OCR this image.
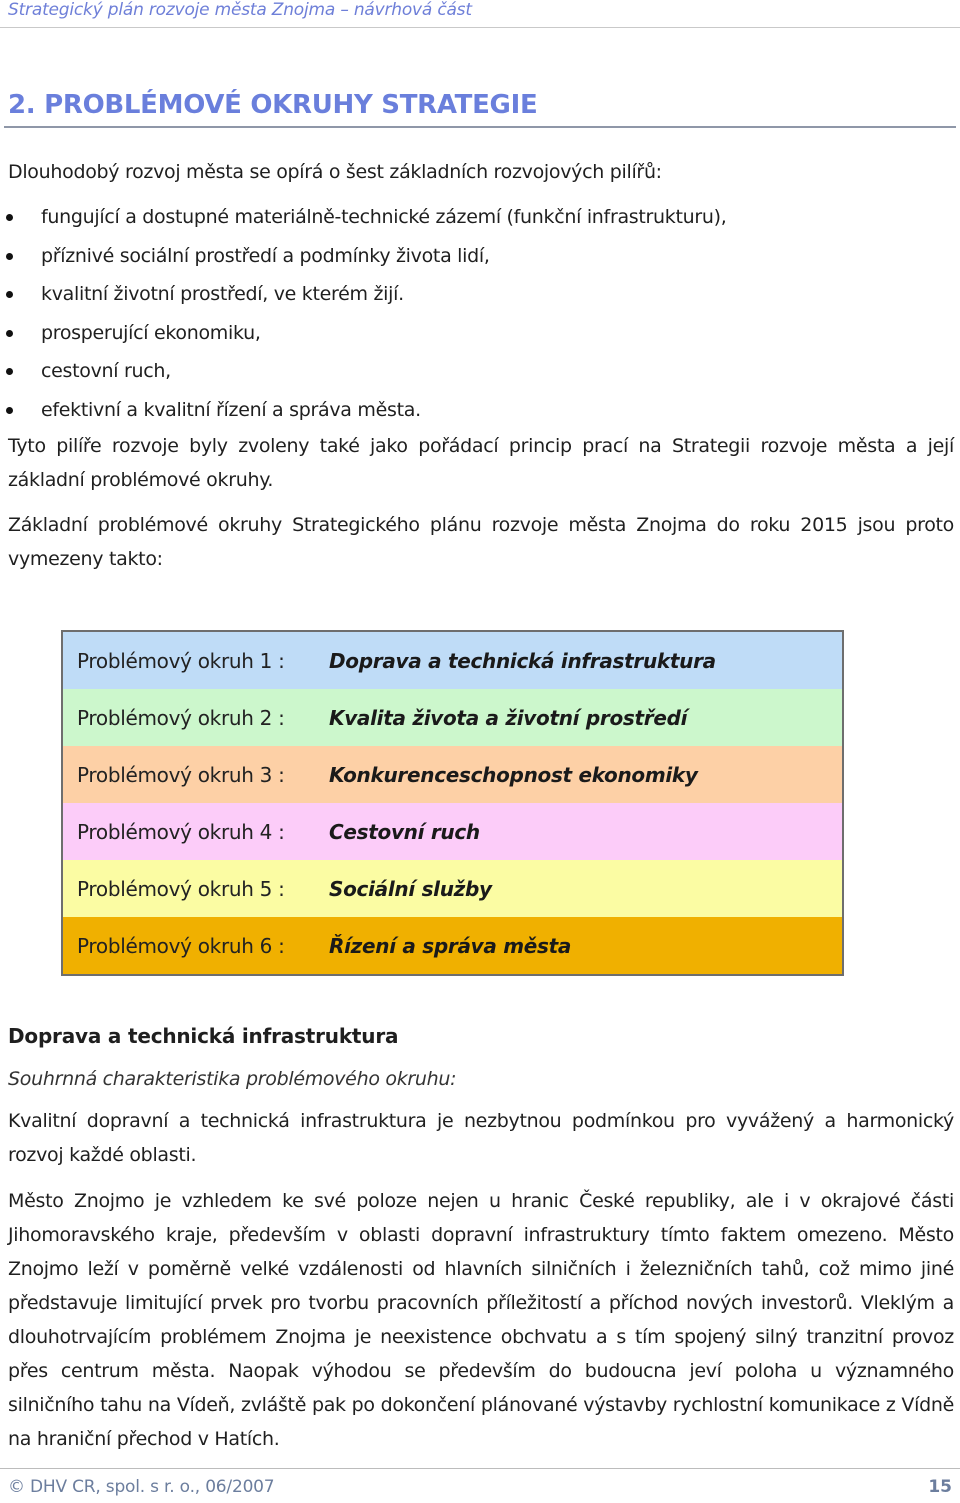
Strategický plán rozvoje města Znojma – návrhová část
2. PROBLÉMOVÉ OKRUHY STRATEGIE

Dlouhodobý rozvoj města se opírá o šest základních rozvojových pilířů:

fungující a dostupné materiálně-technické zázemí (funkční infrastrukturu),
příznivé sociální prostředí a podmínky života lidí,
kvalitní životní prostředí, ve kterém žijí.
prosperující ekonomiku,
cestovní ruch,
efektivní a kvalitní řízení a správa města.

Tyto pilíře rozvoje byly zvoleny také jako pořádací princip prací na Strategii rozvoje města a její základní problémové okruhy.

Základní problémové okruhy Strategického plánu rozvoje města Znojma do roku 2015 jsou proto vymezeny takto:

Problémový okruh 1 :	Doprava a technická infrastruktura
Problémový okruh 2 :	Kvalita života a životní prostředí
Problémový okruh 3 :	Konkurenceschopnost ekonomiky
Problémový okruh 4 :	Cestovní ruch
Problémový okruh 5 :	Sociální služby
Problémový okruh 6 :	Řízení a správa města
Doprava a technická infrastruktura

Souhrnná charakteristika problémového okruhu:

Kvalitní dopravní a technická infrastruktura je nezbytnou podmínkou pro vyvážený a harmonický rozvoj každé oblasti.

Město Znojmo je vzhledem ke své poloze nejen u hranic České republiky, ale i v okrajové části Jihomoravského kraje, především v oblasti dopravní infrastruktury tímto faktem omezeno. Město Znojmo leží v poměrně velké vzdálenosti od hlavních silničních i železničních tahů, což mimo jiné představuje limitující prvek pro tvorbu pracovních příležitostí a příchod nových investorů. Vleklým a dlouhotrvajícím problémem Znojma je neexistence obchvatu a s tím spojený silný tranzitní provoz přes centrum města. Naopak výhodou se především do budoucna jeví poloha u významného silničního tahu na Vídeň, zvláště pak po dokončení plánované výstavby rychlostní komunikace z Vídně na hraniční přechod v Hatích.

© DHV CR, spol. s r. o., 06/2007	15
